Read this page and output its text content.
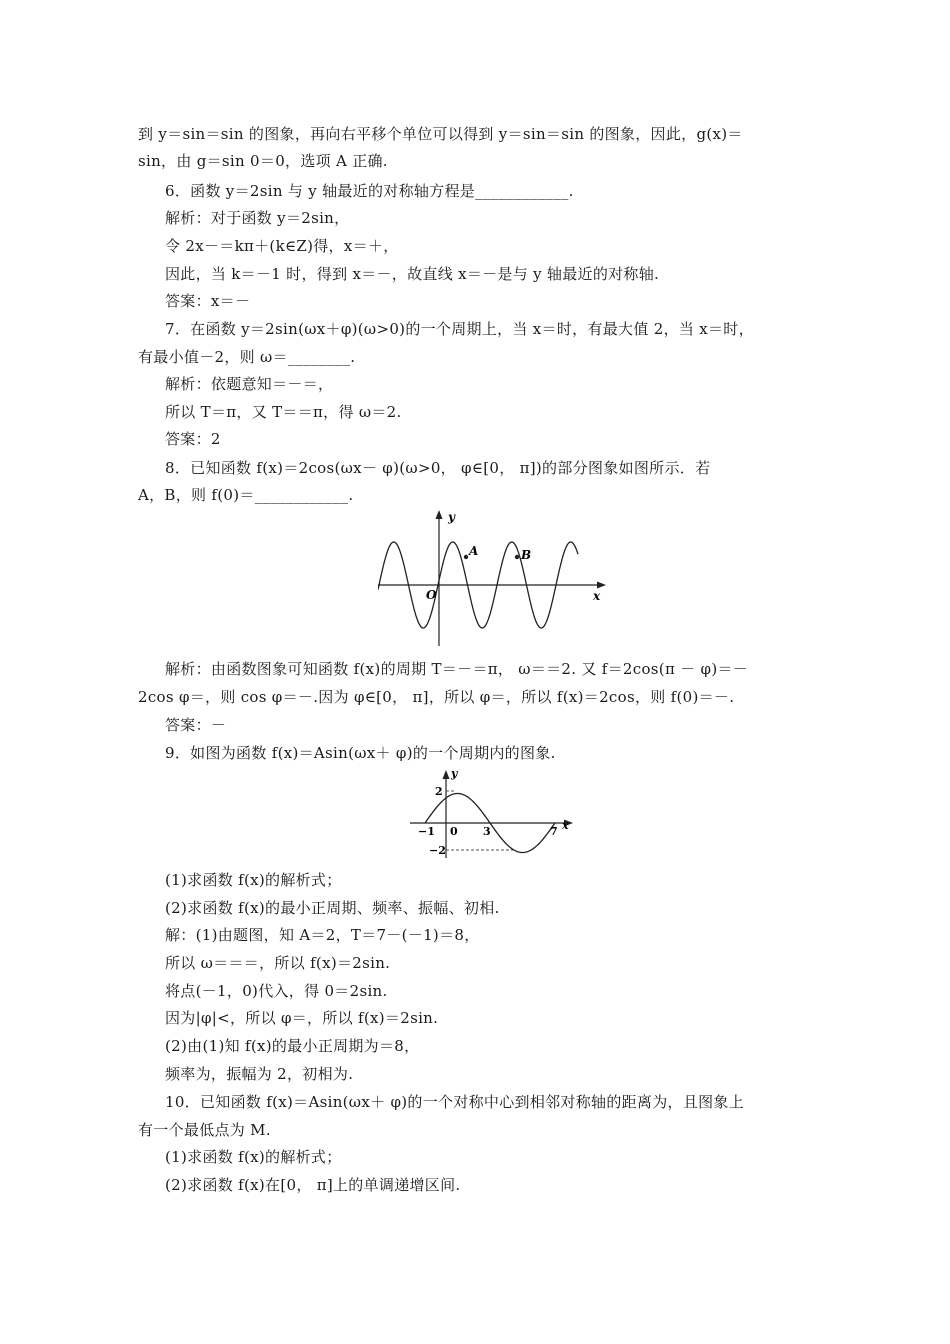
到 y＝sin＝sin 的图象，再向右平移个单位可以得到 y＝sin＝sin 的图象，因此，g(x)＝
sin，由 g＝sin 0＝0，选项 A 正确.
6．函数 y＝2sin 与 y 轴最近的对称轴方程是____________.
解析：对于函数 y＝2sin，
令 2x－＝kπ＋(k∈Z)得，x＝＋，
因此，当 k＝－1 时，得到 x＝－，故直线 x＝－是与 y 轴最近的对称轴.
答案：x＝－
7．在函数 y＝2sin(ωx＋φ)(ω>0)的一个周期上，当 x＝时，有最大值 2，当 x＝时，
有最小值－2，则 ω＝________.
解析：依题意知＝－＝，
所以 T＝π，又 T＝＝π，得 ω＝2.
答案：2
8．已知函数 f(x)＝2cos(ωx－ φ)(ω>0， φ∈[0， π])的部分图象如图所示．若
A，B，则 f(0)＝____________.
y
x
O
A	B
解析：由函数图象可知函数 f(x)的周期 T＝－＝π， ω＝＝2. 又 f＝2cos(π － φ)＝－
2cos φ＝，则 cos φ＝－.因为 φ∈[0， π]，所以 φ＝，所以 f(x)＝2cos，则 f(0)＝－.
答案：－
9．如图为函数 f(x)＝Asin(ωx＋ φ)的一个周期内的图象.
y
x
2
−2
−1 0 3	7
(1)求函数 f(x)的解析式；
(2)求函数 f(x)的最小正周期、频率、振幅、初相.
解：(1)由题图，知 A＝2，T＝7－(－1)＝8，
所以 ω＝＝＝，所以 f(x)＝2sin.
将点(－1，0)代入，得 0＝2sin.
因为|φ|<，所以 φ＝，所以 f(x)＝2sin.
(2)由(1)知 f(x)的最小正周期为＝8，
频率为，振幅为 2，初相为.
10．已知函数 f(x)＝Asin(ωx＋ φ)的一个对称中心到相邻对称轴的距离为，且图象上
有一个最低点为 M.
(1)求函数 f(x)的解析式；
(2)求函数 f(x)在[0， π]上的单调递增区间.
